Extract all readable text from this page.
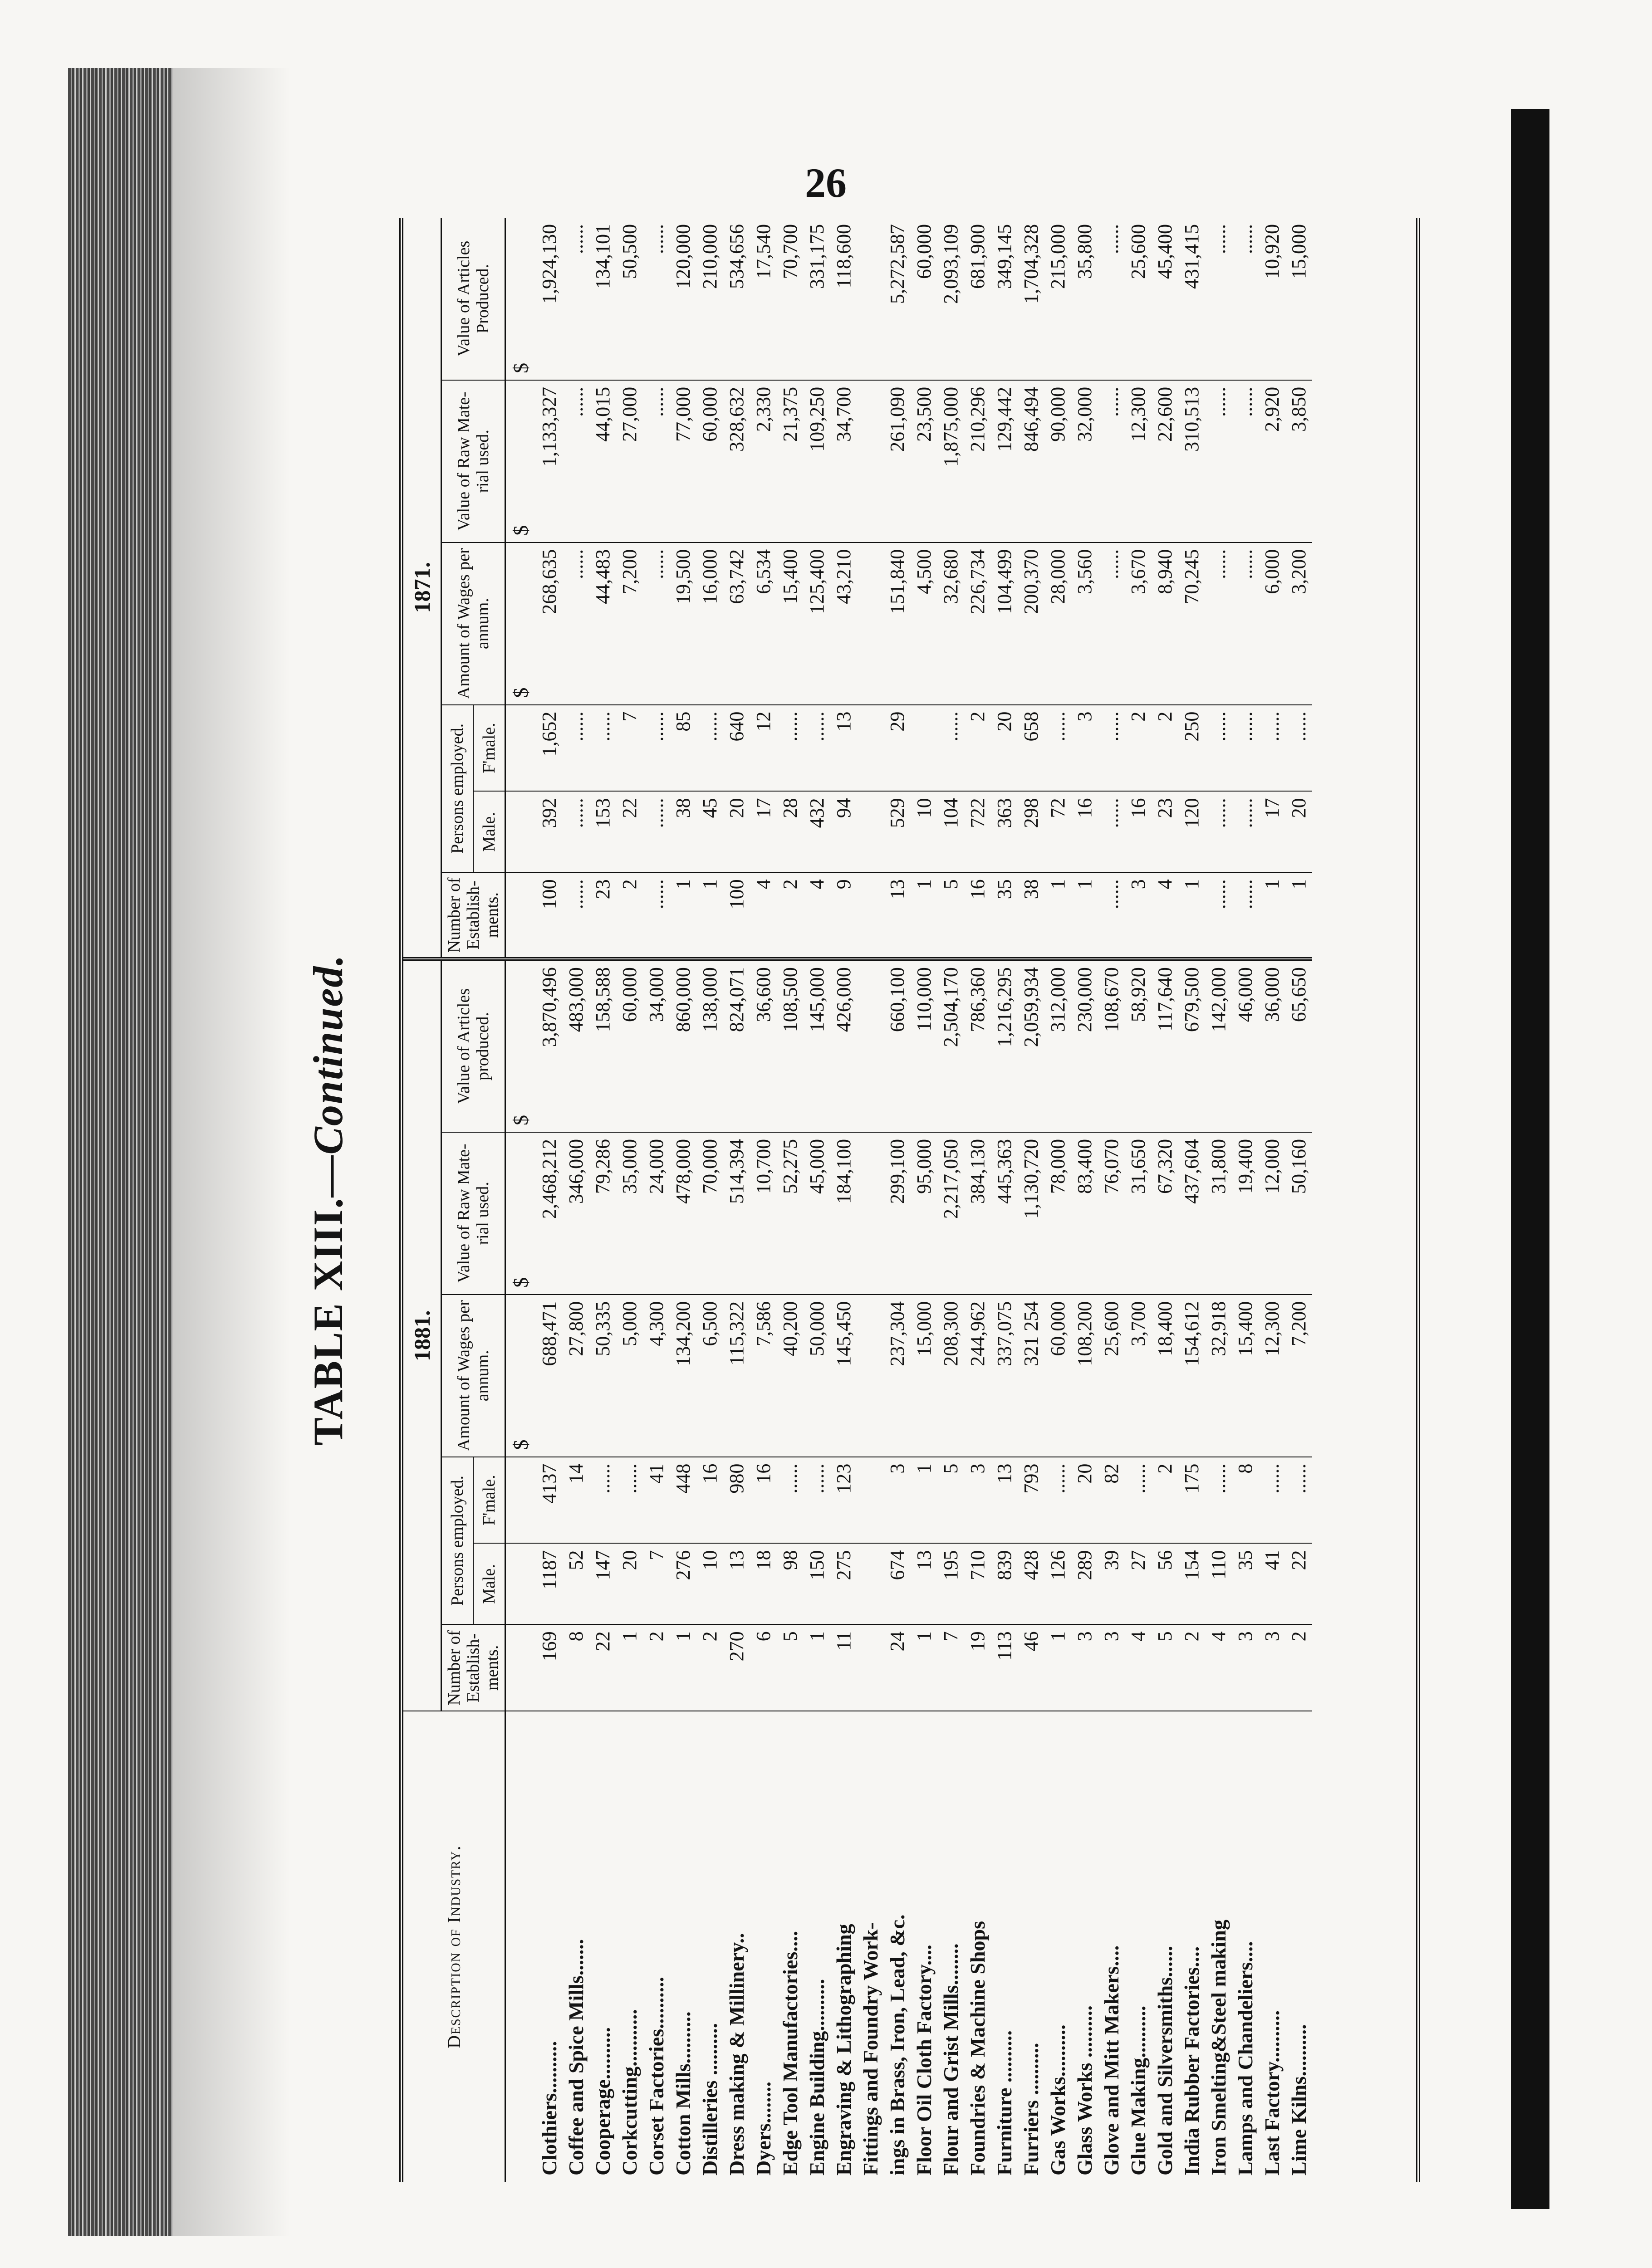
26
TABLE XIII.—Continued.
Description of Industry.	1881.						1871.					
	Number of Establish-ments.	Persons employed.		Amount of Wages per annum.	Value of Raw Mate-rial used.	Value of Articles produced.	Number of Establish-ments.	Persons employed.		Amount of Wages per annum.	Value of Raw Mate-rial used.	Value of Articles Produced.
		Male.	F'male.					Male.	F'male.			
				$	$	$				$	$	$
Clothiers..........	169	1187	4137	688,471	2,468,212	3,870,496	100	392	1,652	268,635	1,133,327	1,924,130
Coffee and Spice Mills.......	8	52	14	27,800	346,000	483,000	......	......	......	......	......	......
Cooperage..........	22	147	......	50,335	79,286	158,588	23	153	......	44,483	44,015	134,101
Corkcutting...........	1	20	......	5,000	35,000	60,000	2	22	7	7,200	27,000	50,500
Corset Factories..........	2	7	41	4,300	24,000	34,000	......	......	......	......	......	......
Cotton Mills..........	1	276	448	134,200	478,000	860,000	1	38	85	19,500	77,000	120,000
Distilleries ..........	2	10	16	6,500	70,000	138,000	1	45	......	16,000	60,000	210,000
Dress making & Millinery..	270	13	980	115,322	514,394	824,071	100	20	640	63,742	328,632	534,656
Dyers........	6	18	16	7,586	10,700	36,600	4	17	12	6,534	2,330	17,540
Edge Tool Manufactories....	5	98	......	40,200	52,275	108,500	2	28	......	15,400	21,375	70,700
Engine Building..........	1	150	......	50,000	45,000	145,000	4	432	......	125,400	109,250	331,175
Engraving & Lithographing	11	275	123	145,450	184,100	426,000	9	94	13	43,210	34,700	118,600
Fittings and Foundry Work-												
ings in Brass, Iron, Lead, &c.	24	674	3	237,304	299,100	660,100	13	529	29	151,840	261,090	5,272,587
Floor Oil Cloth Factory....	1	13	1	15,000	95,000	110,000	1	10		4,500	23,500	60,000
Flour and Grist Mills........	7	195	5	208,300	2,217,050	2,504,170	5	104	......	32,680	1,875,000	2,093,109
Foundries & Machine Shops	19	710	3	244,962	384,130	786,360	16	722	2	226,734	210,296	681,900
Furniture ..........	113	839	13	337,075	445,363	1,216,295	35	363	20	104,499	129,442	349,145
Furriers ..........	46	428	793	321 254	1,130,720	2,059,934	38	298	658	200,370	846,494	1,704,328
Gas Works..........	1	126	......	60,000	78,000	312,000	1	72	......	28,000	90,000	215,000
Glass Works ..........	3	289	20	108,200	83,400	230,000	1	16	3	3,560	32,000	35,800
Glove and Mitt Makers....	3	39	82	25,600	76,070	108,670	......	......	......	......	......	......
Glue Making..........	4	27	......	3,700	31,650	58,920	3	16	2	3,670	12,300	25,600
Gold and Silversmiths......	5	56	2	18,400	67,320	117,640	4	23	2	8,940	22,600	45,400
India Rubber Factories....	2	154	175	154,612	437,604	679,500	1	120	250	70,245	310,513	431,415
Iron Smelting&Steel making	4	110	......	32,918	31,800	142,000	......	......	......	......	......	......
Lamps and Chandeliers....	3	35	8	15,400	19,400	46,000	......	......	......	......	......	......
Last Factory..........	3	41	......	12,300	12,000	36,000	1	17	......	6,000	2,920	10,920
Lime Kilns..........	2	22	......	7,200	50,160	65,650	1	20	......	3,200	3,850	15,000
